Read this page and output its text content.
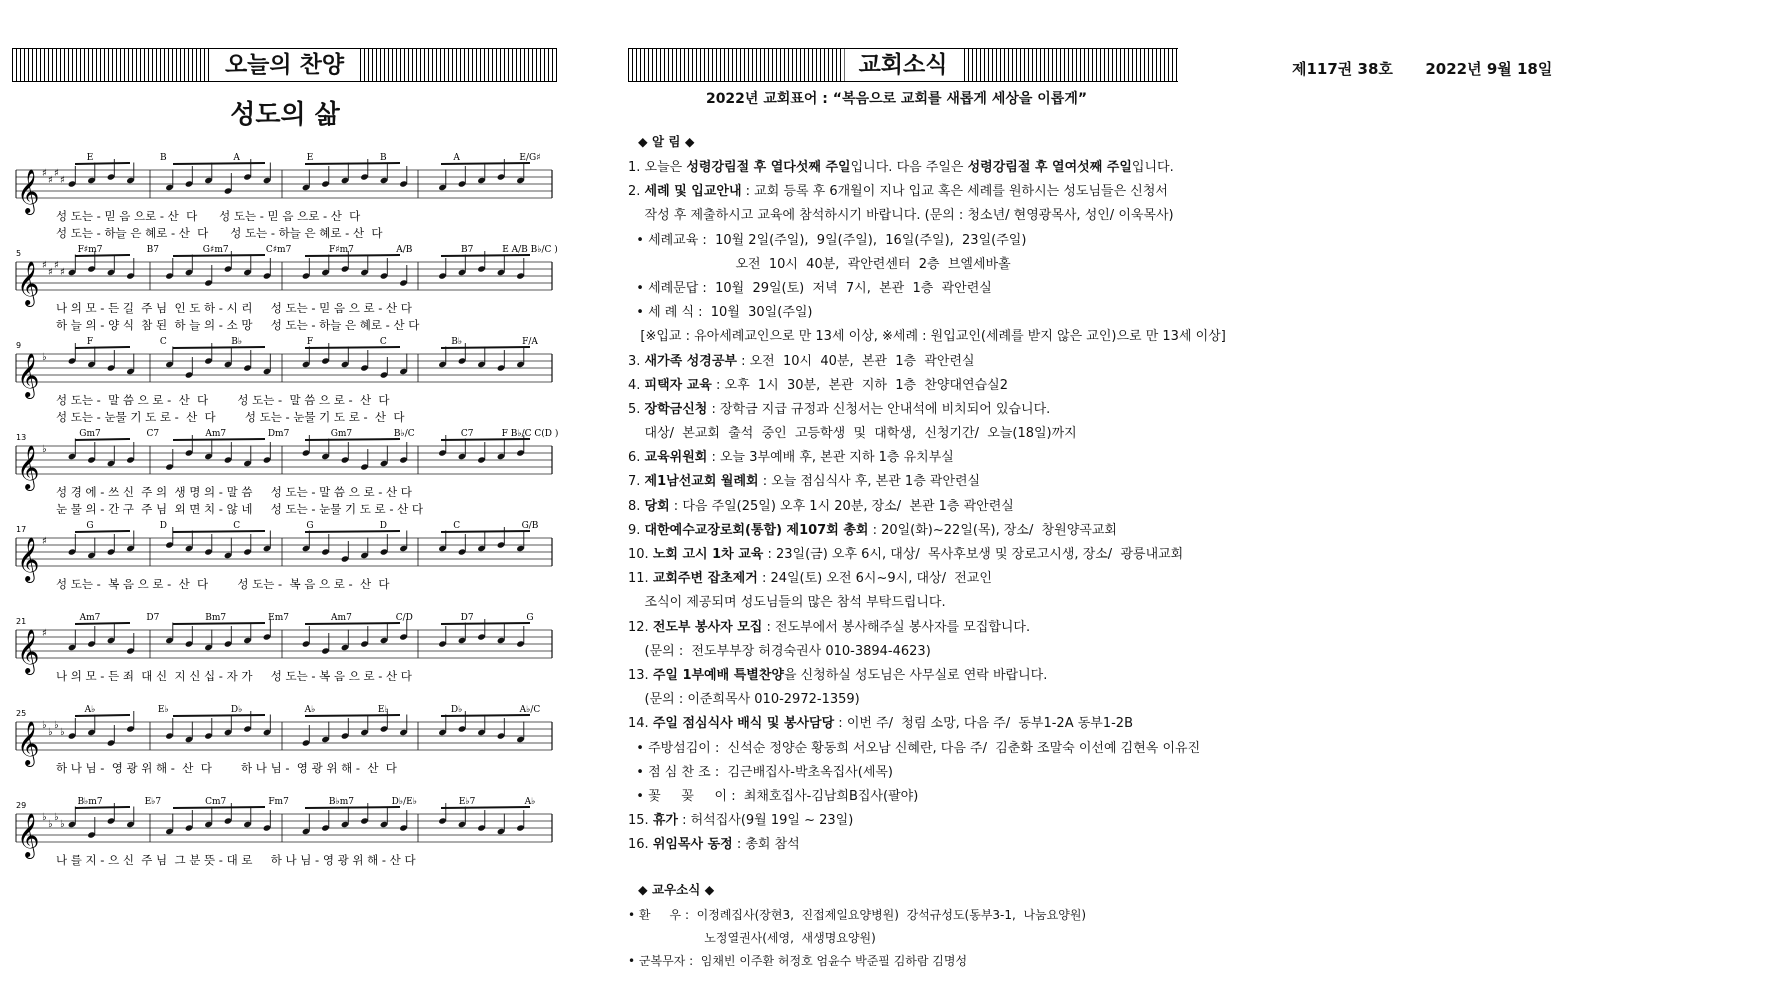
오늘의 찬양
성도의 삶
𝄞 ♯
♯
♯
♯
E	B	A	E	B	A	E/G♯
성 도는 - 믿 음 으로 - 산  다      성 도는 - 믿 음 으로 - 산  다
성 도는 - 하늘 은 혜로 - 산  다      성 도는 - 하늘 은 혜로 - 산  다
𝄞 ♯
♯
♯
♯
5	F♯m7	B7	G♯m7	C♯m7	F♯m7	A/B	B7	E A/B B♭/C )
나 의 모 - 든 길  주 님  인 도 하 - 시 리     성 도는 - 믿 음 으 로 - 산 다
하 늘 의 - 양 식  참 된  하 늘 의 - 소 망     성 도는 - 하늘 은 혜로 - 산 다
𝄞 ♭
9	F	C	B♭	F	C	B♭	F/A
성 도는 -  말 씀 으 로 -  산  다        성 도는 -  말 씀 으 로 -  산  다
성 도는 - 눈물 기 도 로 -  산  다        성 도는 - 눈물 기 도 로 -  산  다
𝄞 ♭
13	Gm7	C7	Am7	Dm7	Gm7	B♭/C	C7	F B♭/C C(D )
성 경 에 - 쓰 신  주 의  생 명 의 - 말 씀     성 도는 - 말 씀 으 로 - 산 다
눈 물 의 - 간 구  주 님  외 면 치 - 않 네     성 도는 - 눈물 기 도 로 - 산 다
𝄞 ♯
17	G	D	C	G	D	C	G/B
성 도는 -  복 음 으 로 -  산  다        성 도는 -  복 음 으 로 -  산  다
𝄞 ♯
21	Am7	D7	Bm7	Em7	Am7	C/D	D7	G
나 의 모 - 든 죄  대 신  지 신 십 - 자 가     성 도는 - 복 음 으 로 - 산 다
𝄞 ♭
♭
♭
♭
25	A♭	E♭	D♭	A♭	E♭	D♭	A♭/C
하 나 님 -  영 광 위 해 -  산  다        하 나 님 -  영 광 위 해 -  산  다
𝄞 ♭
♭
♭
♭
29	B♭m7	E♭7	Cm7	Fm7	B♭m7	D♭/E♭	E♭7	A♭
나 를 지 - 으 신  주 님  그 분 뜻 - 대 로     하 나 님 - 영 광 위 해 - 산 다
교회소식	제117권 38호 2022년 9월 18일
2022년 교회표어 : “복음으로 교회를 새롭게 세상을 이롭게”
◆ 알 림 ◆
1. 오늘은 성령강림절 후 열다섯째 주일입니다. 다음 주일은 성령강림절 후 열여섯째 주일입니다.
2. 세례 및 입교안내 : 교회 등록 후 6개월이 지나 입교 혹은 세례를 원하시는 성도님들은 신청서
작성 후 제출하시고 교육에 참석하시기 바랍니다. (문의 : 청소년/ 현영광목사, 성인/ 이욱목사)
• 세례교육 :  10월 2일(주일),  9일(주일),  16일(주일),  23일(주일)
오전  10시  40분,  곽안련센터  2층  브엘세바홀
• 세례문답 :  10월  29일(토)  저녁  7시,  본관  1층  곽안련실
• 세 례 식 :  10월  30일(주일)
[※입교 : 유아세례교인으로 만 13세 이상, ※세례 : 원입교인(세례를 받지 않은 교인)으로 만 13세 이상]
3. 새가족 성경공부 : 오전  10시  40분,  본관  1층  곽안련실
4. 피택자 교육 : 오후  1시  30분,  본관  지하  1층  찬양대연습실2
5. 장학금신청 : 장학금 지급 규정과 신청서는 안내석에 비치되어 있습니다.
대상/  본교회  출석  중인  고등학생  및  대학생,  신청기간/  오늘(18일)까지
6. 교육위원회 : 오늘 3부예배 후, 본관 지하 1층 유치부실
7. 제1남선교회 월례회 : 오늘 점심식사 후, 본관 1층 곽안련실
8. 당회 : 다음 주일(25일) 오후 1시 20분, 장소/  본관 1층 곽안련실
9. 대한예수교장로회(통합) 제107회 총회 : 20일(화)~22일(목), 장소/  창원양곡교회
10. 노회 고시 1차 교육 : 23일(금) 오후 6시, 대상/  목사후보생 및 장로고시생, 장소/  광릉내교회
11. 교회주변 잡초제거 : 24일(토) 오전 6시~9시, 대상/  전교인
조식이 제공되며 성도님들의 많은 참석 부탁드립니다.
12. 전도부 봉사자 모집 : 전도부에서 봉사해주실 봉사자를 모집합니다.
(문의 :  전도부부장 허경숙권사 010-3894-4623)
13. 주일 1부예배 특별찬양을 신청하실 성도님은 사무실로 연락 바랍니다.
(문의 : 이준희목사 010-2972-1359)
14. 주일 점심식사 배식 및 봉사담당 : 이번 주/  청림 소망, 다음 주/  동부1-2A 동부1-2B
• 주방섬김이 :  신석순 정양순 황동희 서오남 신혜란, 다음 주/  김춘화 조말숙 이선예 김현옥 이유진
• 점 심 찬 조 :  김근배집사-박초옥집사(세목)
• 꽃     꽂     이 :  최채호집사-김남희B집사(팔야)
15. 휴가 : 허석집사(9월 19일 ~ 23일)
16. 위임목사 동정 : 총회 참석
◆ 교우소식 ◆
• 환     우 :  이정례집사(장현3,  진접제일요양병원)  강석규성도(동부3-1,  나눔요양원)
노정열권사(세영,  새생명요양원)
• 군복무자 :  임채빈 이주환 허정호 엄윤수 박준필 김하람 김명성
